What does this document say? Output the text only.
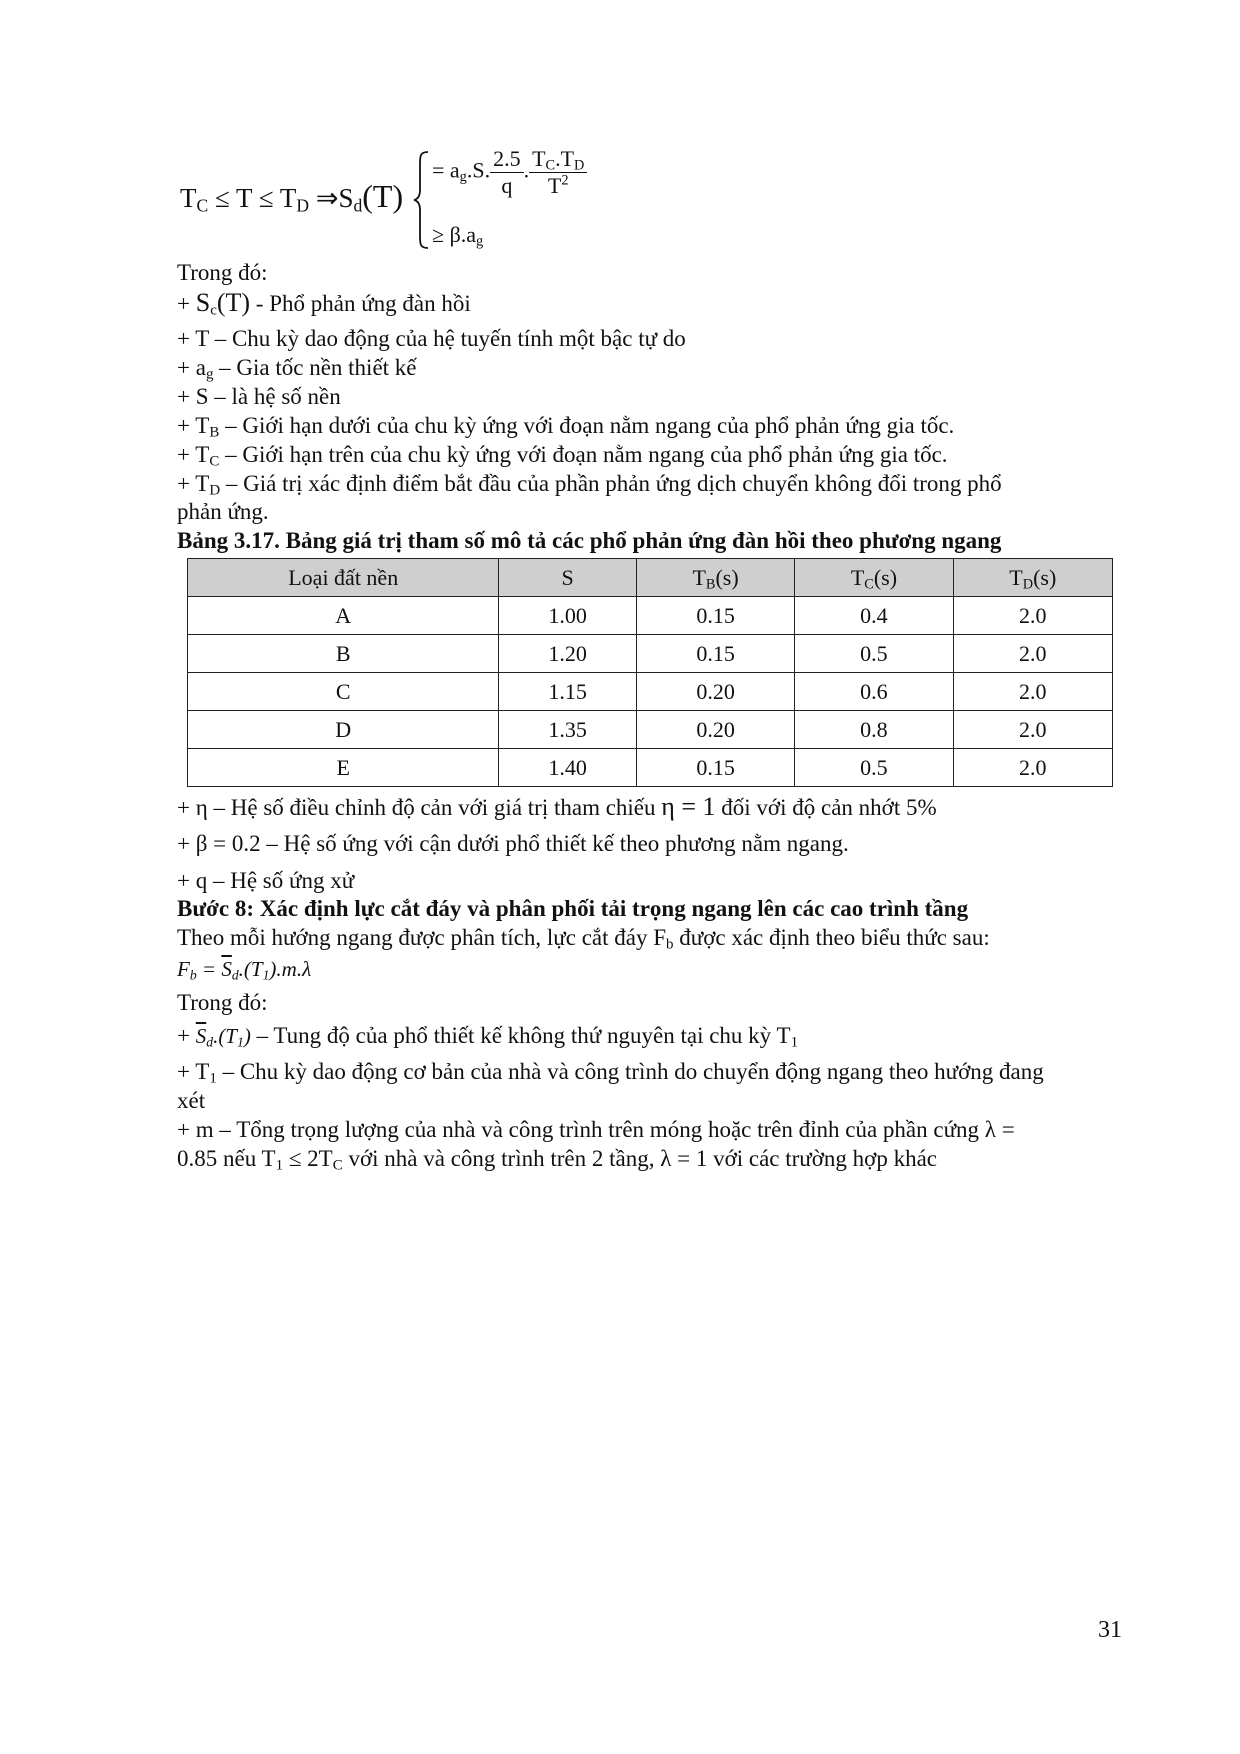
$T_C \le T \le T_D$ $\Rightarrow S_d(T)$
= $a_g.S$. $\frac{2.5}{q}$ . $\frac{T_C.T_D}{T^2}$
≥ $\beta.a_g$
Trong đó:
+ $S_c(T)$ - Phổ phản ứng đàn hồi
+ T – Chu kỳ dao động của hệ tuyến tính một bậc tự do
+ $a_g$ – Gia tốc nền thiết kế
+ S – là hệ số nền
+ $T_B$ – Giới hạn dưới của chu kỳ ứng với đoạn nằm ngang của phổ phản ứng gia tốc.
+ $T_C$ – Giới hạn trên của chu kỳ ứng với đoạn nằm ngang của phổ phản ứng gia tốc.
+ $T_D$ – Giá trị xác định điểm bắt đầu của phần phản ứng dịch chuyển không đổi trong phổ
phản ứng.
Bảng 3.17. Bảng giá trị tham số mô tả các phổ phản ứng đàn hồi theo phương ngang
Loại đất nền	S	$T_B(s)$	$T_C(s)$	$T_D(s)$
A	1.00	0.15	0.4	2.0
B	1.20	0.15	0.5	2.0
C	1.15	0.20	0.6	2.0
D	1.35	0.20	0.8	2.0
E	1.40	0.15	0.5	2.0
+ η – Hệ số điều chỉnh độ cản với giá trị tham chiếu η = 1 đối với độ cản nhớt 5%
+ β = 0.2 – Hệ số ứng với cận dưới phổ thiết kế theo phương nằm ngang.
+ q – Hệ số ứng xử
Bước 8: Xác định lực cắt đáy và phân phối tải trọng ngang lên các cao trình tầng
Theo mỗi hướng ngang được phân tích, lực cắt đáy $F_b$ được xác định theo biểu thức sau:
$F_b = \overline{S}_d.(T_1).m.\lambda$
Trong đó:
+ $\overline{S}_d.(T_1)$ – Tung độ của phổ thiết kế không thứ nguyên tại chu kỳ $T_1$
+ $T_1$ – Chu kỳ dao động cơ bản của nhà và công trình do chuyển động ngang theo hướng đang
xét
+ m – Tổng trọng lượng của nhà và công trình trên móng hoặc trên đỉnh của phần cứng λ =
0.85 nếu $T_1 \le 2T_C$ với nhà và công trình trên 2 tầng, λ = 1 với các trường hợp khác
31
